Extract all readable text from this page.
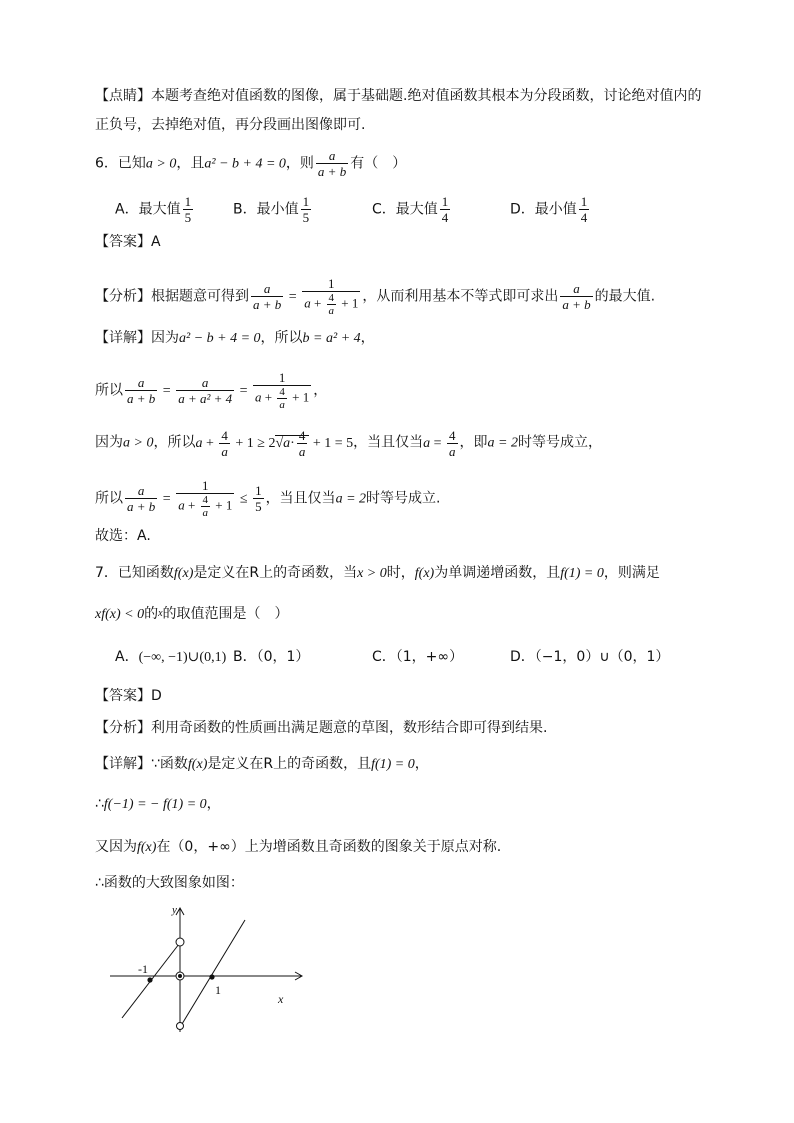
【点睛】本题考查绝对值函数的图像，属于基础题.绝对值函数其根本为分段函数，讨论绝对值内的
正负号，去掉绝对值，再分段画出图像即可.
6．已知a > 0，且a² − b + 4 = 0，则 $\frac{a}{a + b}$ 有（　）
A．最大值 $\frac{1}{5}$	B．最小值 $\frac{1}{5}$	C．最大值 $\frac{1}{4}$	D．最小值 $\frac{1}{4}$
【答案】A
【分析】根据题意可得到 $\frac{a}{a + b} = \frac{1}{a + \frac{4}{a} + 1}$ ，从而利用基本不等式即可求出 $\frac{a}{a + b}$ 的最大值.
【详解】因为a² − b + 4 = 0，所以b = a² + 4，
所以 $\frac{a}{a + b} = \frac{a}{\text{a + a² + 4}} = \frac{1}{a + \frac{4}{a} + 1}$ ，
因为a > 0，所以$a + \frac{4}{a} + 1 \ge 2√a\cdot \frac{4}{a} + 1 = 5$，当且仅当$a = \frac{4}{a}$ ，即a = 2时等号成立，
所以 $\frac{a}{a + b} = \frac{1}{a + \frac{4}{a} + 1} \le \frac{1}{5}$ ，当且仅当a = 2时等号成立.
故选：A.
7．已知函数f(x)是定义在R上的奇函数，当x > 0时，f(x)为单调递增函数，且f(1) = 0，则满足
xf(x) < 0的$^x$的取值范围是（　）
A．(−∞, −1)∪(0,1) B．（0，1）	C．（1，+∞）	D．（−1，0）∪（0，1）
【答案】D
【分析】利用奇函数的性质画出满足题意的草图，数形结合即可得到结果.
【详解】∵函数f(x)是定义在R上的奇函数，且f(1) = 0，
∴f(−1) = − f(1) = 0，
又因为f(x)在（0，+∞）上为增函数且奇函数的图象关于原点对称.
∴函数的大致图象如图：
y
-1
1
x
